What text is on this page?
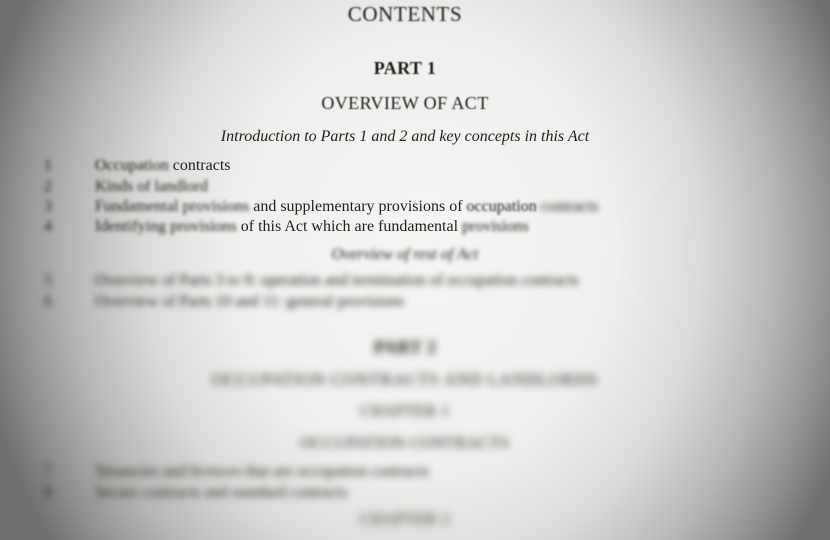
CONTENTS
PART 1
OVERVIEW OF ACT
Introduction to Parts 1 and 2 and key concepts in this Act
1	Occupation contracts
2	Kinds of landlord
3	Fundamental provisions and supplementary provisions of occupation contracts
4	Identifying provisions of this Act which are fundamental provisions
Overview of rest of Act
5	Overview of Parts 3 to 9: operation and termination of occupation contracts
6	Overview of Parts 10 and 11: general provisions
PART 2
OCCUPATION CONTRACTS AND LANDLORDS
CHAPTER 1
OCCUPATION CONTRACTS
7	Tenancies and licences that are occupation contracts
8	Secure contracts and standard contracts
CHAPTER 2
